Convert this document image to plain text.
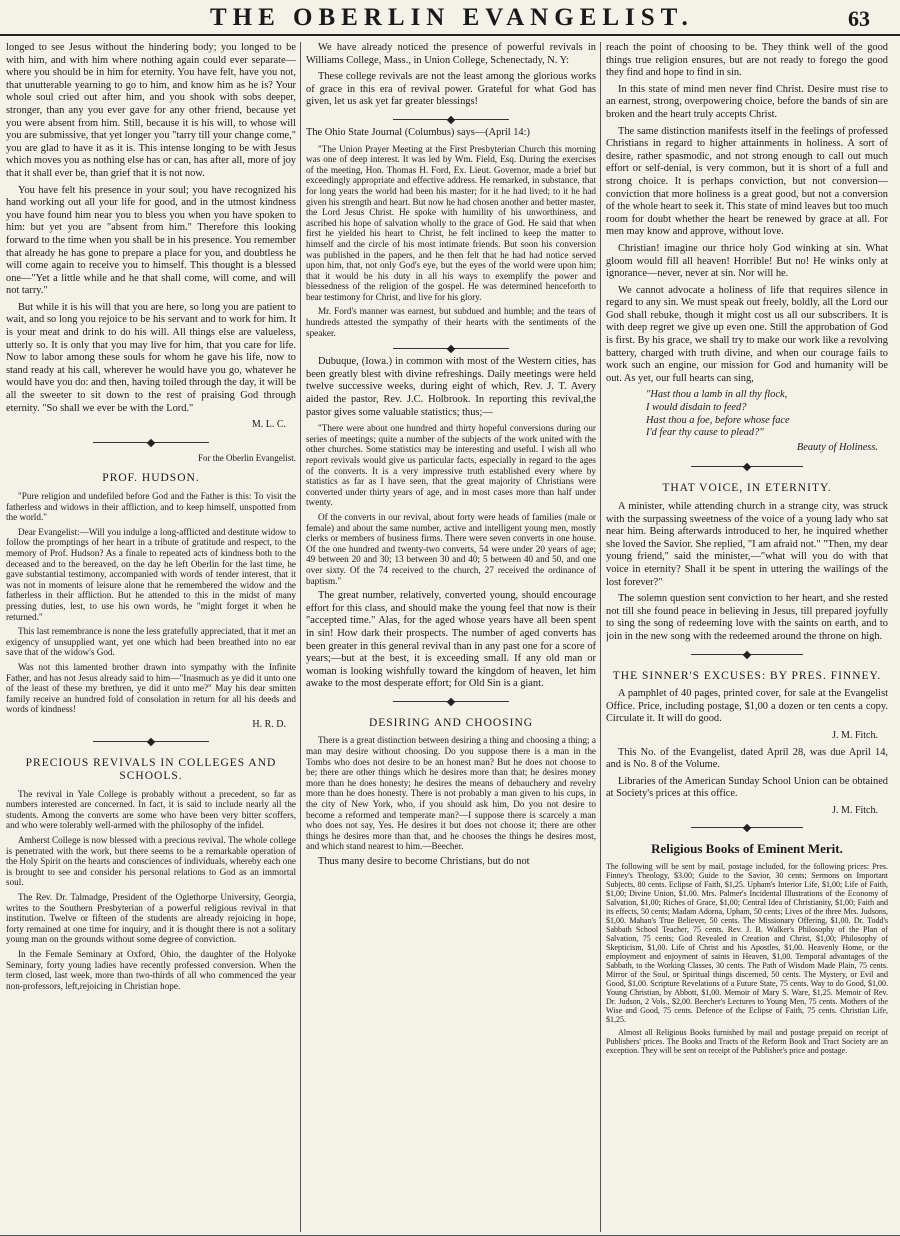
THE OBERLIN EVANGELIST.	63

longed to see Jesus without the hindering body; you longed to be with him, and with him where nothing again could ever separate—where you should be in him for eternity. You have felt, have you not, that unutterable yearning to go to him, and know him as he is? Your whole soul cried out after him, and you shook with sobs deeper, stronger, than any you ever gave for any other friend, because yet you were absent from him. Still, because it is his will, to whose will you are submissive, that yet longer you "tarry till your change come," you are glad to have it as it is. This intense longing to be with Jesus which moves you as nothing else has or can, has after all, more of joy that it shall ever be, than grief that it is not now.

You have felt his presence in your soul; you have recognized his hand working out all your life for good, and in the utmost kindness you have found him near you to bless you when you have spoken to him: but yet you are "absent from him." Therefore this looking forward to the time when you shall be in his presence. You remember that already he has gone to prepare a place for you, and doubtless he will come again to receive you to himself. This thought is a blessed one—"Yet a little while and he that shall come, will come, and will not tarry."

But while it is his will that you are here, so long you are patient to wait, and so long you rejoice to be his servant and to work for him. It is your meat and drink to do his will. All things else are valueless, utterly so. It is only that you may live for him, that you care for life. Now to labor among these souls for whom he gave his life, now to stand ready at his call, wherever he would have you go, whatever he would have you do: and then, having toiled through the day, it will be all the sweeter to sit down to the rest of praising God through eternity. "So shall we ever be with the Lord."

M. L. C.
For the Oberlin Evangelist.
PROF. HUDSON.

"Pure religion and undefiled before God and the Father is this: To visit the fatherless and widows in their affliction, and to keep himself, unspotted from the world."

Dear Evangelist:—Will you indulge a long-afflicted and destitute widow to follow the promptings of her heart in a tribute of gratitude and respect, to the memory of Prof. Hudson? As a finale to repeated acts of kindness both to the deceased and to the bereaved, on the day he left Oberlin for the last time, he gave substantial testimony, accompanied with words of tender interest, that it was not in moments of leisure alone that he remembered the widow and the fatherless in their affliction. But he attended to this in the midst of many pressing duties, lest, to use his own words, he "might forget it when he returned."

This last remembrance is none the less gratefully appreciated, that it met an exigency of unsupplied want, yet one which had been breathed into no ear save that of the widow's God.

Was not this lamented brother drawn into sympathy with the Infinite Father, and has not Jesus already said to him—"Inasmuch as ye did it unto one of the least of these my brethren, ye did it unto me?" May his dear smitten family receive an hundred fold of consolation in return for all his deeds and words of kindness!

H. R. D.
PRECIOUS REVIVALS IN COLLEGES AND SCHOOLS.

The revival in Yale College is probably without a precedent, so far as numbers interested are concerned. In fact, it is said to include nearly all the students. Among the converts are some who have been very bitter scoffers, and who were tolerably well-armed with the philosophy of the infidel.

Amherst College is now blessed with a precious revival. The whole college is penetrated with the work, but there seems to be a remarkable operation of the Holy Spirit on the hearts and consciences of individuals, whereby each one is brought to see and consider his personal relations to God as an immortal soul.

The Rev. Dr. Talmadge, President of the Oglethorpe University, Georgia, writes to the Southern Presbyterian of a powerful religious revival in that institution. Twelve or fifteen of the students are already rejoicing in hope, forty remained at one time for inquiry, and it is thought there is not a solitary young man on the grounds without some degree of conviction.

In the Female Seminary at Oxford, Ohio, the daughter of the Holyoke Seminary, forty young ladies have recently professed conversion. When the term closed, last week, more than two-thirds of all who commenced the year non-professors, left,rejoicing in Christian hope.

We have already noticed the presence of powerful revivals in Williams College, Mass., in Union College, Schenectady, N. Y:

These college revivals are not the least among the glorious works of grace in this era of revival power. Grateful for what God has given, let us ask yet far greater blessings!

The Ohio State Journal (Columbus) says—(April 14:)

"The Union Prayer Meeting at the First Presbyterian Church this morning was one of deep interest. It was led by Wm. Field, Esq. During the exercises of the meeting, Hon. Thomas H. Ford, Ex. Lieut. Governor, made a brief but exceedingly appropriate and effective address. He remarked, in substance, that for long years the world had been his master; for it he had lived; to it he had given his strength and heart. But now he had chosen another and better master, the Lord Jesus Christ. He spoke with humility of his unworthiness, and ascribed his hope of salvation wholly to the grace of God. He said that when first he yielded his heart to Christ, he felt inclined to keep the matter to himself and the circle of his most intimate friends. But soon his conversion was published in the papers, and he then felt that he had had notice served upon him, that, not only God's eye, but the eyes of the world were upon him; that it would be his duty in all his ways to exemplify the power and blessedness of the religion of the gospel. He was determined henceforth to bear testimony for Christ, and live for his glory.

Mr. Ford's manner was earnest, but subdued and humble; and the tears of hundreds attested the sympathy of their hearts with the sentiments of the speaker.

Dubuque, (Iowa.) in common with most of the Western cities, has been greatly blest with divine refreshings. Daily meetings were held twelve successive weeks, during eight of which, Rev. J. T. Avery aided the pastor, Rev. J.C. Holbrook. In reporting this revival,the pastor gives some valuable statistics; thus;—

"There were about one hundred and thirty hopeful conversions during our series of meetings; quite a number of the subjects of the work united with the other churches. Some statistics may be interesting and useful. I wish all who report revivals would give us particular facts, especially in regard to the ages of the converts. It is a very impressive truth established every where by statistics as far as I have seen, that the great majority of Christians were converted under thirty years of age, and in most cases more than half under twenty.

Of the converts in our revival, about forty were heads of families (male or female) and about the same number, active and intelligent young men, mostly clerks or members of business firms. There were seven converts in one house. Of the one hundred and twenty-two converts, 54 were under 20 years of age; 49 between 20 and 30; 13 between 30 and 40; 5 between 40 and 50, and one over sixty. Of the 74 received to the church, 27 received the ordinance of baptism."

The great number, relatively, converted young, should encourage effort for this class, and should make the young feel that now is their "accepted time." Alas, for the aged whose years have all been spent in sin! How dark their prospects. The number of aged converts has been greater in this general revival than in any past one for a score of years;—but at the best, it is exceeding small. If any old man or woman is looking wishfully toward the kingdom of heaven, let him awake to the most desperate effort; for Old Sin is a giant.

DESIRING AND CHOOSING

There is a great distinction between desiring a thing and choosing a thing; a man may desire without choosing. Do you suppose there is a man in the Tombs who does not desire to be an honest man? But he does not choose to be; there are other things which he desires more than that; he desires money more than he does honesty; he desires the means of debauchery and revelry more than he does honesty. There is not probably a man given to his cups, in the city of New York, who, if you should ask him, Do you not desire to become a reformed and temperate man?—I suppose there is scarcely a man who does not say, Yes. He desires it but does not choose it; there are other things he desires more than that, and he chooses the things he desires most, and which stand nearest to him.—Beecher.

Thus many desire to become Christians, but do not

reach the point of choosing to be. They think well of the good things true religion ensures, but are not ready to forego the good they find and hope to find in sin.

In this state of mind men never find Christ. Desire must rise to an earnest, strong, overpowering choice, before the bands of sin are broken and the heart truly accepts Christ.

The same distinction manifests itself in the feelings of professed Christians in regard to higher attainments in holiness. A sort of desire, rather spasmodic, and not strong enough to call out much effort or self-denial, is very common, but it is short of a full and strong choice. It is perhaps conviction, but not conversion—conviction that more holiness is a great good, but not a conversion of the whole heart to seek it. This state of mind leaves but too much room for doubt whether the heart be renewed by grace at all. For men may know and approve, without love.

Christian! imagine our thrice holy God winking at sin. What gloom would fill all heaven! Horrible! But no! He winks only at ignorance—never, never at sin. Nor will he.

We cannot advocate a holiness of life that requires silence in regard to any sin. We must speak out freely, boldly, all the Lord our God shall rebuke, though it might cost us all our subscribers. It is with deep regret we give up even one. Still the approbation of God is first. By his grace, we shall try to make our work like a revolving battery, charged with truth divine, and when our courage fails to work such an engine, our mission for God and humanity will be out. As yet, our full hearts can sing,

"Hast thou a lamb in all thy flock,
I would disdain to feed?
Hast thou a foe, before whose face
I'd fear thy cause to plead?"
Beauty of Holiness.
THAT VOICE, IN ETERNITY.

A minister, while attending church in a strange city, was struck with the surpassing sweetness of the voice of a young lady who sat near him. Being afterwards introduced to her, he inquired whether she loved the Savior. She replied, "I am afraid not." "Then, my dear young friend," said the minister,—"what will you do with that voice in eternity? Shall it be spent in uttering the wailings of the lost forever?"

The solemn question sent conviction to her heart, and she rested not till she found peace in believing in Jesus, till prepared joyfully to sing the song of redeeming love with the saints on earth, and to join in the new song with the redeemed around the throne on high.

THE SINNER'S EXCUSES: BY PRES. FINNEY.

A pamphlet of 40 pages, printed cover, for sale at the Evangelist Office. Price, including postage, $1,00 a dozen or ten cents a copy. Circulate it. It will do good.

J. M. Fitch.

This No. of the Evangelist, dated April 28, was due April 14, and is No. 8 of the Volume.

Libraries of the American Sunday School Union can be obtained at Society's prices at this office.

J. M. Fitch.
Religious Books of Eminent Merit.

The following will be sent by mail, postage included, for the following prices: Pres. Finney's Theology, $3.00; Guide to the Savior, 30 cents; Sermons on Important Subjects, 80 cents. Eclipse of Faith, $1,25. Upham's Interior Life, $1,00; Life of Faith, $1,00; Divine Union, $1.00. Mrs. Palmer's Incidental Illustrations of the Economy of Salvation, $1,00; Riches of Grace, $1,00; Central Idea of Christianity, $1,00; Faith and its effects, 50 cents; Madam Adorna, Upham, 50 cents; Lives of the three Mrs. Judsons, $1,00. Mahan's True Believer, 50 cents. The Missionary Offering, $1,00. Dr. Todd's Sabbath School Teacher, 75 cents. Rev. J. B. Walker's Philosophy of the Plan of Salvation, 75 cents; God Revealed in Creation and Christ, $1,00; Philosophy of Skepticism, $1,00. Life of Christ and his Apostles, $1,00. Heavenly Home, or the employment and enjoyment of saints in Heaven, $1,00. Temporal advantages of the Sabbath, to the Working Classes, 30 cents. The Path of Wisdom Made Plain, 75 cents. Mirror of the Soul, or Spiritual things discerned, 50 cents. The Mystery, or Evil and Good, $1,00. Scripture Revelations of a Future State, 75 cents. Way to do Good, $1,00. Young Christian, by Abbott, $1,00. Memoir of Mary S. Ware, $1,25. Memoir of Rev. Dr. Judson, 2 Vols., $2,00. Beecher's Lectures to Young Men, 75 cents. Mothers of the Wise and Good, 75 cents. Defence of the Eclipse of Faith, 75 cents. Christian Life, $1,25.

Almost all Religious Books furnished by mail and postage prepaid on receipt of Publishers' prices. The Books and Tracts of the Reform Book and Tract Society are an exception. They will be sent on receipt of the Publisher's price and postage.
